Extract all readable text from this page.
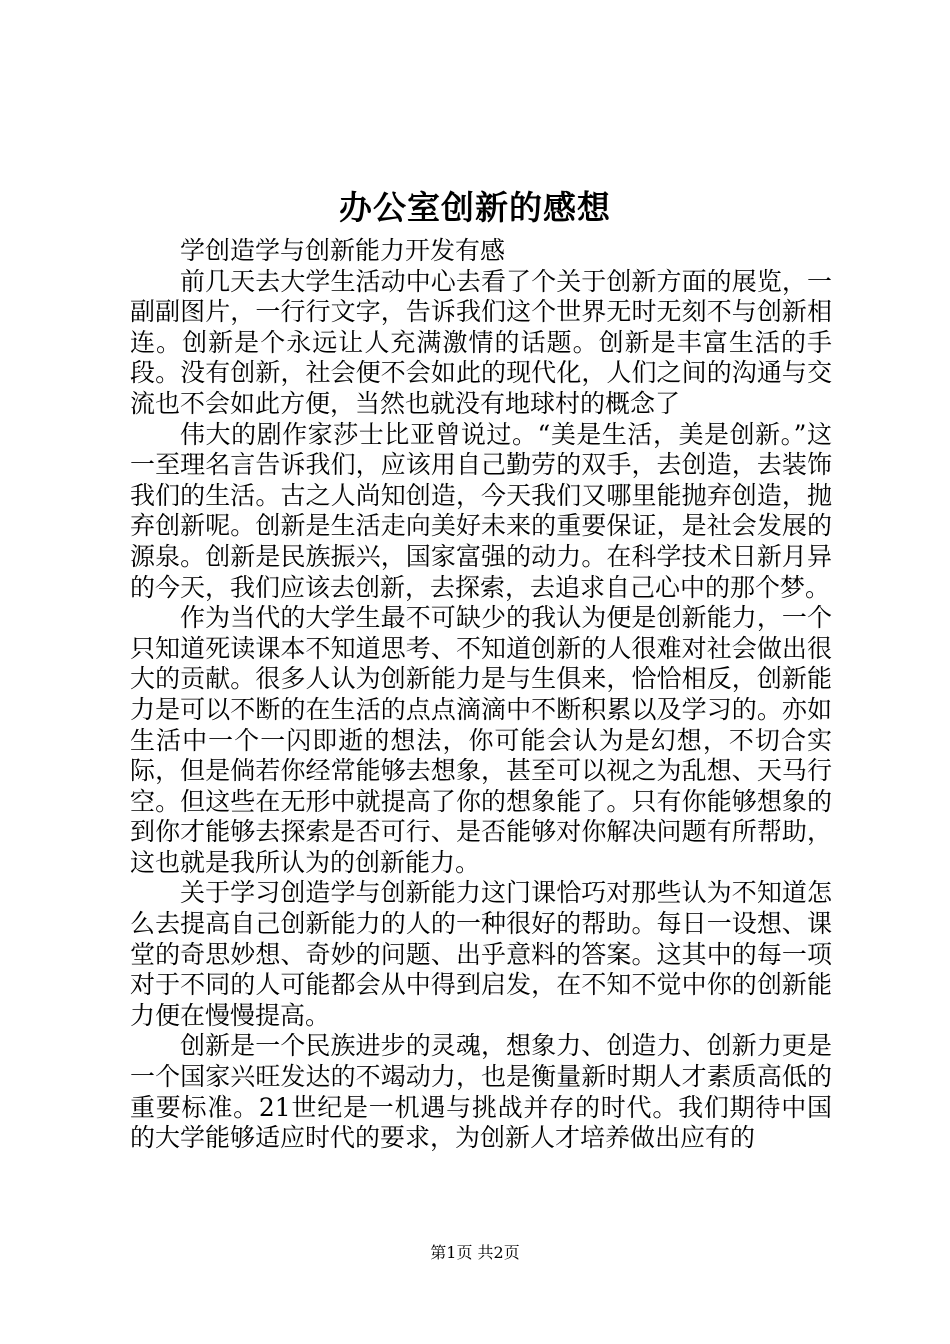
办公室创新的感想

学创造学与创新能力开发有感

前几天去大学生活动中心去看了个关于创新方面的展览，一副副图片，一行行文字，告诉我们这个世界无时无刻不与创新相连。创新是个永远让人充满激情的话题。创新是丰富生活的手段。没有创新，社会便不会如此的现代化，人们之间的沟通与交流也不会如此方便，当然也就没有地球村的概念了

伟大的剧作家莎士比亚曾说过。“美是生活，美是创新。”这一至理名言告诉我们，应该用自己勤劳的双手，去创造，去装饰我们的生活。古之人尚知创造，今天我们又哪里能抛弃创造，抛弃创新呢。创新是生活走向美好未来的重要保证，是社会发展的源泉。创新是民族振兴，国家富强的动力。在科学技术日新月异的今天，我们应该去创新，去探索，去追求自己心中的那个梦。

作为当代的大学生最不可缺少的我认为便是创新能力，一个只知道死读课本不知道思考、不知道创新的人很难对社会做出很大的贡献。很多人认为创新能力是与生俱来，恰恰相反，创新能力是可以不断的在生活的点点滴滴中不断积累以及学习的。亦如生活中一个一闪即逝的想法，你可能会认为是幻想，不切合实际，但是倘若你经常能够去想象，甚至可以视之为乱想、天马行空。但这些在无形中就提高了你的想象能了。只有你能够想象的到你才能够去探索是否可行、是否能够对你解决问题有所帮助，这也就是我所认为的创新能力。

关于学习创造学与创新能力这门课恰巧对那些认为不知道怎么去提高自己创新能力的人的一种很好的帮助。每日一设想、课堂的奇思妙想、奇妙的问题、出乎意料的答案。这其中的每一项对于不同的人可能都会从中得到启发，在不知不觉中你的创新能力便在慢慢提高。

创新是一个民族进步的灵魂，想象力、创造力、创新力更是一个国家兴旺发达的不竭动力，也是衡量新时期人才素质高低的重要标准。21世纪是一机遇与挑战并存的时代。我们期待中国的大学能够适应时代的要求，为创新人才培养做出应有的

第1页 共2页
